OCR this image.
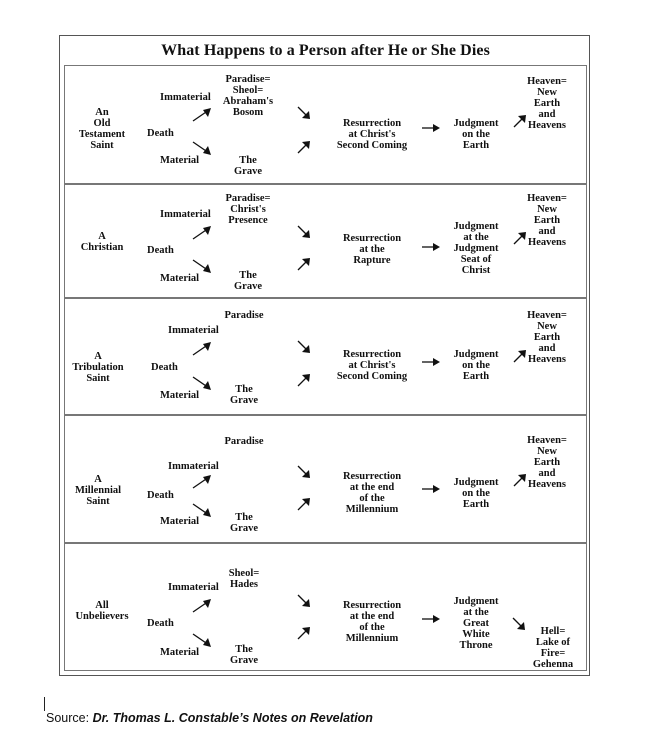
What Happens to a Person after He or She Dies
An
Old
Testament
Saint
Death
Immaterial
Material
Paradise=
Sheol=
Abraham's
Bosom
The
Grave
Resurrection
at Christ's
Second Coming
Judgment
on the
Earth
Heaven=
New Earth
and Heavens
A
Christian Death
Immaterial
Material
Paradise=
Christ's
Presence
The
Grave
Resurrection
at the
Rapture
Judgment
at the
Judgment
Seat of
Christ
Heaven=
New Earth
and Heavens
A
Tribulation
Saint
Death
Immaterial
Material
Paradise
The
Grave
Resurrection
at Christ's
Second Coming
Judgment
on the
Earth
Heaven=
New Earth
and Heavens
A
Millennial
Saint
Death
Immaterial
Material
Paradise
The
Grave
Resurrection
at the end
of the
Millennium
Judgment
on the
Earth
Heaven=
New Earth
and Heavens
All
Unbelievers
Death
Immaterial
Material
Sheol=
Hades
The
Grave
Resurrection
at the end
of the
Millennium
Judgment
at the
Great
White
Throne
Hell=
Lake of
Fire=
Gehenna
Source: Dr. Thomas L. Constable’s Notes on Revelation
